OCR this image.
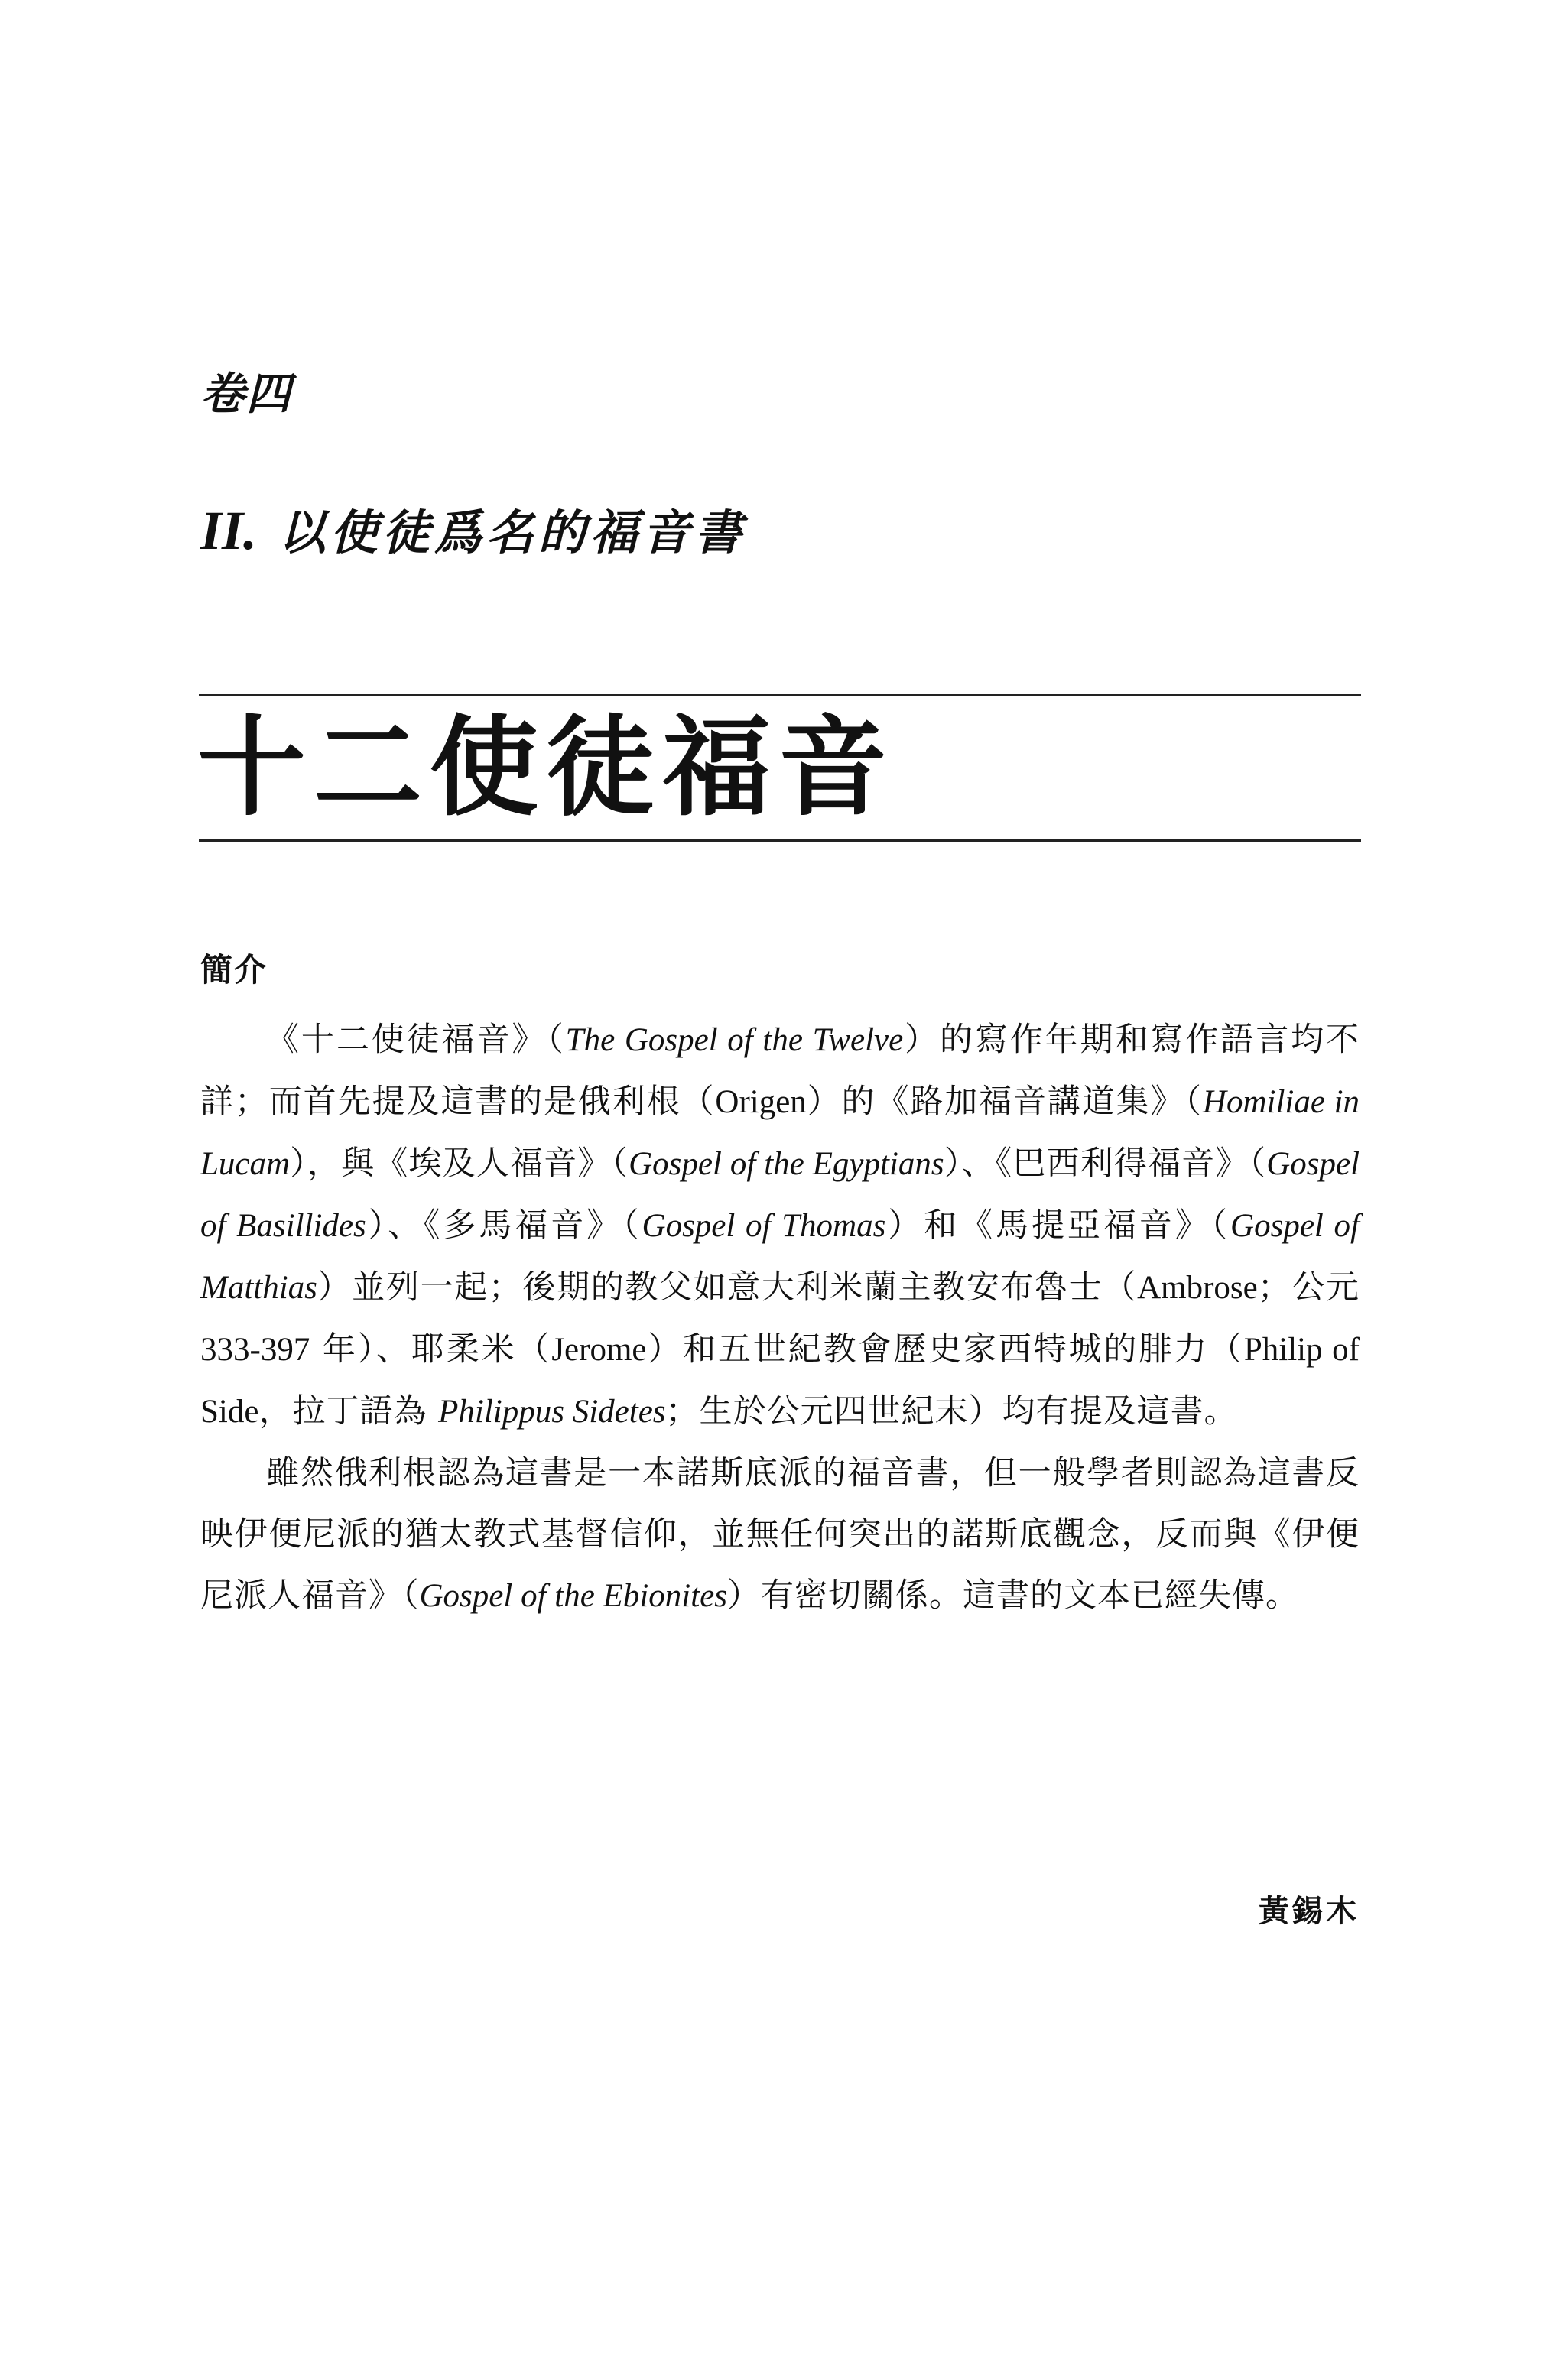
卷四
II. 以使徒爲名的福音書
十二使徒福音
簡介

《十二使徒福音》（The Gospel of the Twelve）的寫作年期和寫作語言均不詳；而首先提及這書的是俄利根（Origen）的《路加福音講道集》（Homiliae in Lucam），與《埃及人福音》（Gospel of the Egyptians）、《巴西利得福音》（Gospel of Basillides）、《多馬福音》（Gospel of Thomas）和《馬提亞福音》（Gospel of Matthias）並列一起；後期的教父如意大利米蘭主教安布魯士（Ambrose；公元 333-397 年）、耶柔米（Jerome）和五世紀教會歷史家西特城的腓力（Philip of Side，拉丁語為 Philippus Sidetes；生於公元四世紀末）均有提及這書。

雖然俄利根認為這書是一本諾斯底派的福音書，但一般學者則認為這書反映伊便尼派的猶太教式基督信仰，並無任何突出的諾斯底觀念，反而與《伊便尼派人福音》（Gospel of the Ebionites）有密切關係。這書的文本已經失傳。

黃錫木
